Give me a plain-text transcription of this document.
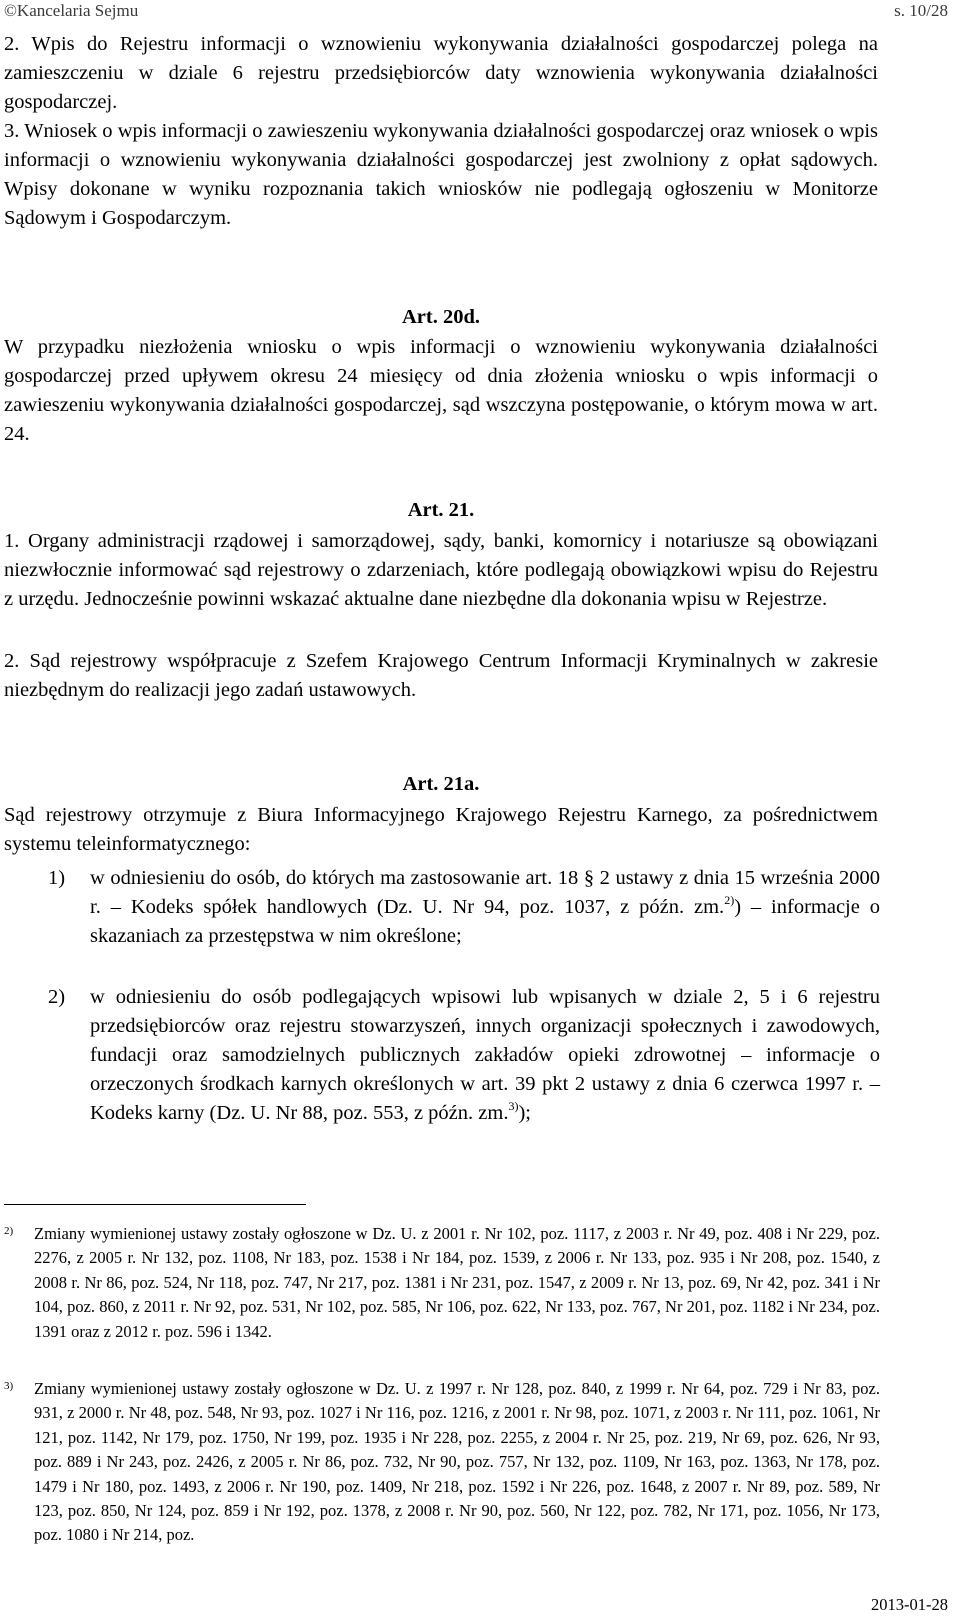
©Kancelaria Sejmu	s. 10/28
2. Wpis do Rejestru informacji o wznowieniu wykonywania działalności gospodarczej polega na zamieszczeniu w dziale 6 rejestru przedsiębiorców daty wznowienia wykonywania działalności gospodarczej.
3. Wniosek o wpis informacji o zawieszeniu wykonywania działalności gospodarczej oraz wniosek o wpis informacji o wznowieniu wykonywania działalności gospodarczej jest zwolniony z opłat sądowych. Wpisy dokonane w wyniku rozpoznania takich wniosków nie podlegają ogłoszeniu w Monitorze Sądowym i Gospodarczym.
Art. 20d.
W przypadku niezłożenia wniosku o wpis informacji o wznowieniu wykonywania działalności gospodarczej przed upływem okresu 24 miesięcy od dnia złożenia wniosku o wpis informacji o zawieszeniu wykonywania działalności gospodarczej, sąd wszczyna postępowanie, o którym mowa w art. 24.
Art. 21.
1. Organy administracji rządowej i samorządowej, sądy, banki, komornicy i notariusze są obowiązani niezwłocznie informować sąd rejestrowy o zdarzeniach, które podlegają obowiązkowi wpisu do Rejestru z urzędu. Jednocześnie powinni wskazać aktualne dane niezbędne dla dokonania wpisu w Rejestrze.
2. Sąd rejestrowy współpracuje z Szefem Krajowego Centrum Informacji Kryminalnych w zakresie niezbędnym do realizacji jego zadań ustawowych.
Art. 21a.
Sąd rejestrowy otrzymuje z Biura Informacyjnego Krajowego Rejestru Karnego, za pośrednictwem systemu teleinformatycznego:
1) w odniesieniu do osób, do których ma zastosowanie art. 18 § 2 ustawy z dnia 15 września 2000 r. – Kodeks spółek handlowych (Dz. U. Nr 94, poz. 1037, z późn. zm.$^{2)}$) – informacje o skazaniach za przestępstwa w nim określone;
2) w odniesieniu do osób podlegających wpisowi lub wpisanych w dziale 2, 5 i 6 rejestru przedsiębiorców oraz rejestru stowarzyszeń, innych organizacji społecznych i zawodowych, fundacji oraz samodzielnych publicznych zakładów opieki zdrowotnej – informacje o orzeczonych środkach karnych określonych w art. 39 pkt 2 ustawy z dnia 6 czerwca 1997 r. – Kodeks karny (Dz. U. Nr 88, poz. 553, z późn. zm.$^{3)}$);
2) Zmiany wymienionej ustawy zostały ogłoszone w Dz. U. z 2001 r. Nr 102, poz. 1117, z 2003 r. Nr 49, poz. 408 i Nr 229, poz. 2276, z 2005 r. Nr 132, poz. 1108, Nr 183, poz. 1538 i Nr 184, poz. 1539, z 2006 r. Nr 133, poz. 935 i Nr 208, poz. 1540, z 2008 r. Nr 86, poz. 524, Nr 118, poz. 747, Nr 217, poz. 1381 i Nr 231, poz. 1547, z 2009 r. Nr 13, poz. 69, Nr 42, poz. 341 i Nr 104, poz. 860, z 2011 r. Nr 92, poz. 531, Nr 102, poz. 585, Nr 106, poz. 622, Nr 133, poz. 767, Nr 201, poz. 1182 i Nr 234, poz. 1391 oraz z 2012 r. poz. 596 i 1342.
3) Zmiany wymienionej ustawy zostały ogłoszone w Dz. U. z 1997 r. Nr 128, poz. 840, z 1999 r. Nr 64, poz. 729 i Nr 83, poz. 931, z 2000 r. Nr 48, poz. 548, Nr 93, poz. 1027 i Nr 116, poz. 1216, z 2001 r. Nr 98, poz. 1071, z 2003 r. Nr 111, poz. 1061, Nr 121, poz. 1142, Nr 179, poz. 1750, Nr 199, poz. 1935 i Nr 228, poz. 2255, z 2004 r. Nr 25, poz. 219, Nr 69, poz. 626, Nr 93, poz. 889 i Nr 243, poz. 2426, z 2005 r. Nr 86, poz. 732, Nr 90, poz. 757, Nr 132, poz. 1109, Nr 163, poz. 1363, Nr 178, poz. 1479 i Nr 180, poz. 1493, z 2006 r. Nr 190, poz. 1409, Nr 218, poz. 1592 i Nr 226, poz. 1648, z 2007 r. Nr 89, poz. 589, Nr 123, poz. 850, Nr 124, poz. 859 i Nr 192, poz. 1378, z 2008 r. Nr 90, poz. 560, Nr 122, poz. 782, Nr 171, poz. 1056, Nr 173, poz. 1080 i Nr 214, poz.
2013-01-28
